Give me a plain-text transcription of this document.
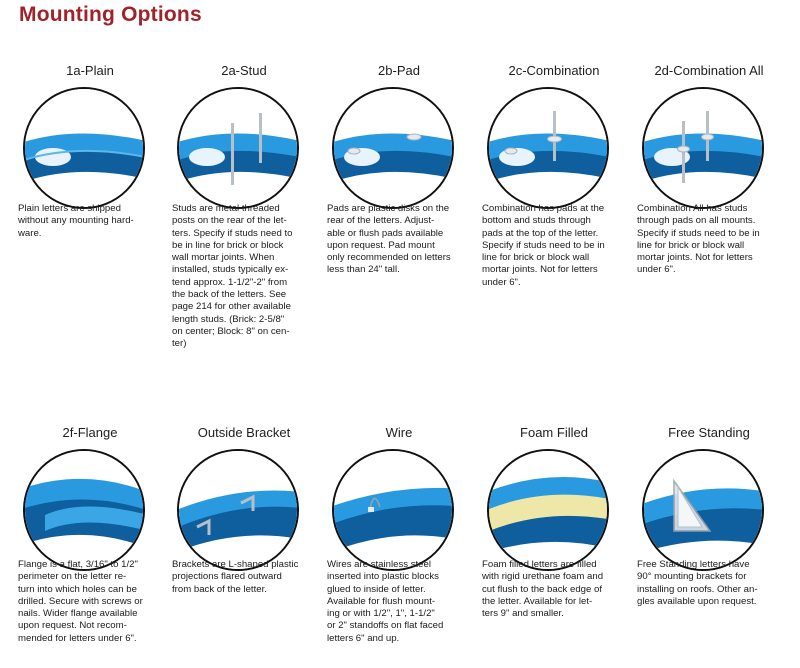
Mounting Options
1a-Plain
Plain letters are shipped
without any mounting hard-
ware.
2a-Stud
Studs are metal threaded
posts on the rear of the let-
ters. Specify if studs need to
be in line for brick or block
wall mortar joints. When
installed, studs typically ex-
tend approx. 1-1/2"-2" from
the back of the letters. See
page 214 for other available
length studs. (Brick: 2-5/8"
on center; Block: 8" on cen-
ter)
2b-Pad
Pads are plastic disks on the
rear of the letters. Adjust-
able or flush pads available
upon request. Pad mount
only recommended on letters
less than 24" tall.
2c-Combination
Combination has pads at the
bottom and studs through
pads at the top of the letter.
Specify if studs need to be in
line for brick or block wall
mortar joints. Not for letters
under 6".
2d-Combination All
Combination All has studs
through pads on all mounts.
Specify if studs need to be in
line for brick or block wall
mortar joints. Not for letters
under 6".
2f-Flange
Flange is a flat, 3/16" to 1/2"
perimeter on the letter re-
turn into which holes can be
drilled. Secure with screws or
nails. Wider flange available
upon request. Not recom-
mended for letters under 6".
Outside Bracket
Brackets are L-shaped plastic
projections flared outward
from back of the letter.
Wire
Wires are stainless steel
inserted into plastic blocks
glued to inside of letter.
Available for flush mount-
ing or with 1/2", 1", 1-1/2"
or 2" standoffs on flat faced
letters 6" and up.
Foam Filled
Foam filled letters are filled
with rigid urethane foam and
cut flush to the back edge of
the letter. Available for let-
ters 9" and smaller.
Free Standing
Free Standing letters have
90° mounting brackets for
installing on roofs. Other an-
gles available upon request.
